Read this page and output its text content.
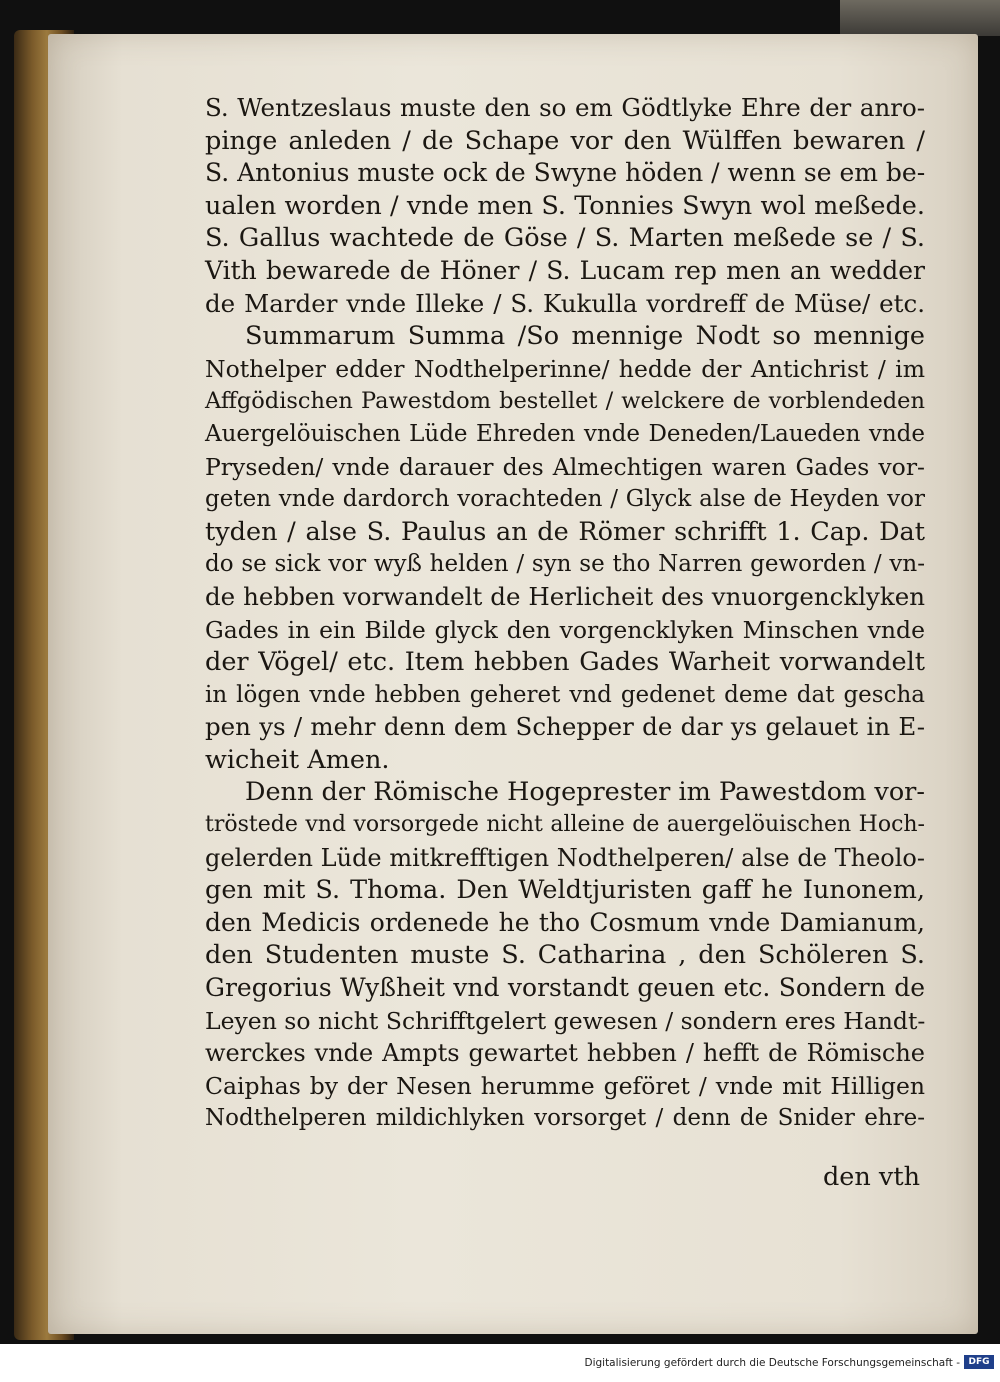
S. Wentzeslaus muste den so em Gödtlyke Ehre der anro-
pinge anleden / de Schape vor den Wülffen bewaren /
S. Antonius muste ock de Swyne höden / wenn se em be-
ualen worden / vnde men S. Tonnies Swyn wol meßede.
S. Gallus wachtede de Göse / S. Marten meßede se / S.
Vith bewarede de Höner / S. Lucam rep men an wedder
de Marder vnde Illeke / S. Kukulla vordreff de Müse/ etc.
Summarum Summa /So mennige Nodt so mennige
Nothelper edder Nodthelperinne/ hedde der Antichrist / im
Affgödischen Pawestdom bestellet / welckere de vorblendeden
Auergelöuischen Lüde Ehreden vnde Deneden/Laueden vnde
Pryseden/ vnde darauer des Almechtigen waren Gades vor-
geten vnde dardorch vorachteden / Glyck alse de Heyden vor
tyden / alse S. Paulus an de Römer schrifft 1. Cap. Dat
do se sick vor wyß helden / syn se tho Narren geworden / vn-
de hebben vorwandelt de Herlicheit des vnuorgencklyken
Gades in ein Bilde glyck den vorgencklyken Minschen vnde
der Vögel/ etc. Item hebben Gades Warheit vorwandelt
in lögen vnde hebben geheret vnd gedenet deme dat gescha
pen ys / mehr denn dem Schepper de dar ys gelauet in E-
wicheit Amen.
Denn der Römische Hogeprester im Pawestdom vor-
tröstede vnd vorsorgede nicht alleine de auergelöuischen Hoch-
gelerden Lüde mitkrefftigen Nodthelperen/ alse de Theolo-
gen mit S. Thoma. Den Weldtjuristen gaff he Iunonem,
den Medicis ordenede he tho Cosmum vnde Damianum,
den Studenten muste S. Catharina , den Schöleren S.
Gregorius Wyßheit vnd vorstandt geuen etc. Sondern de
Leyen so nicht Schrifftgelert gewesen / sondern eres Handt-
werckes vnde Ampts gewartet hebben / hefft de Römische
Caiphas by der Nesen herumme geföret / vnde mit Hilligen
Nodthelperen mildichlyken vorsorget / denn de Snider ehre-
den vth
Digitalisierung gefördert durch die Deutsche Forschungsgemeinschaft - DFG
